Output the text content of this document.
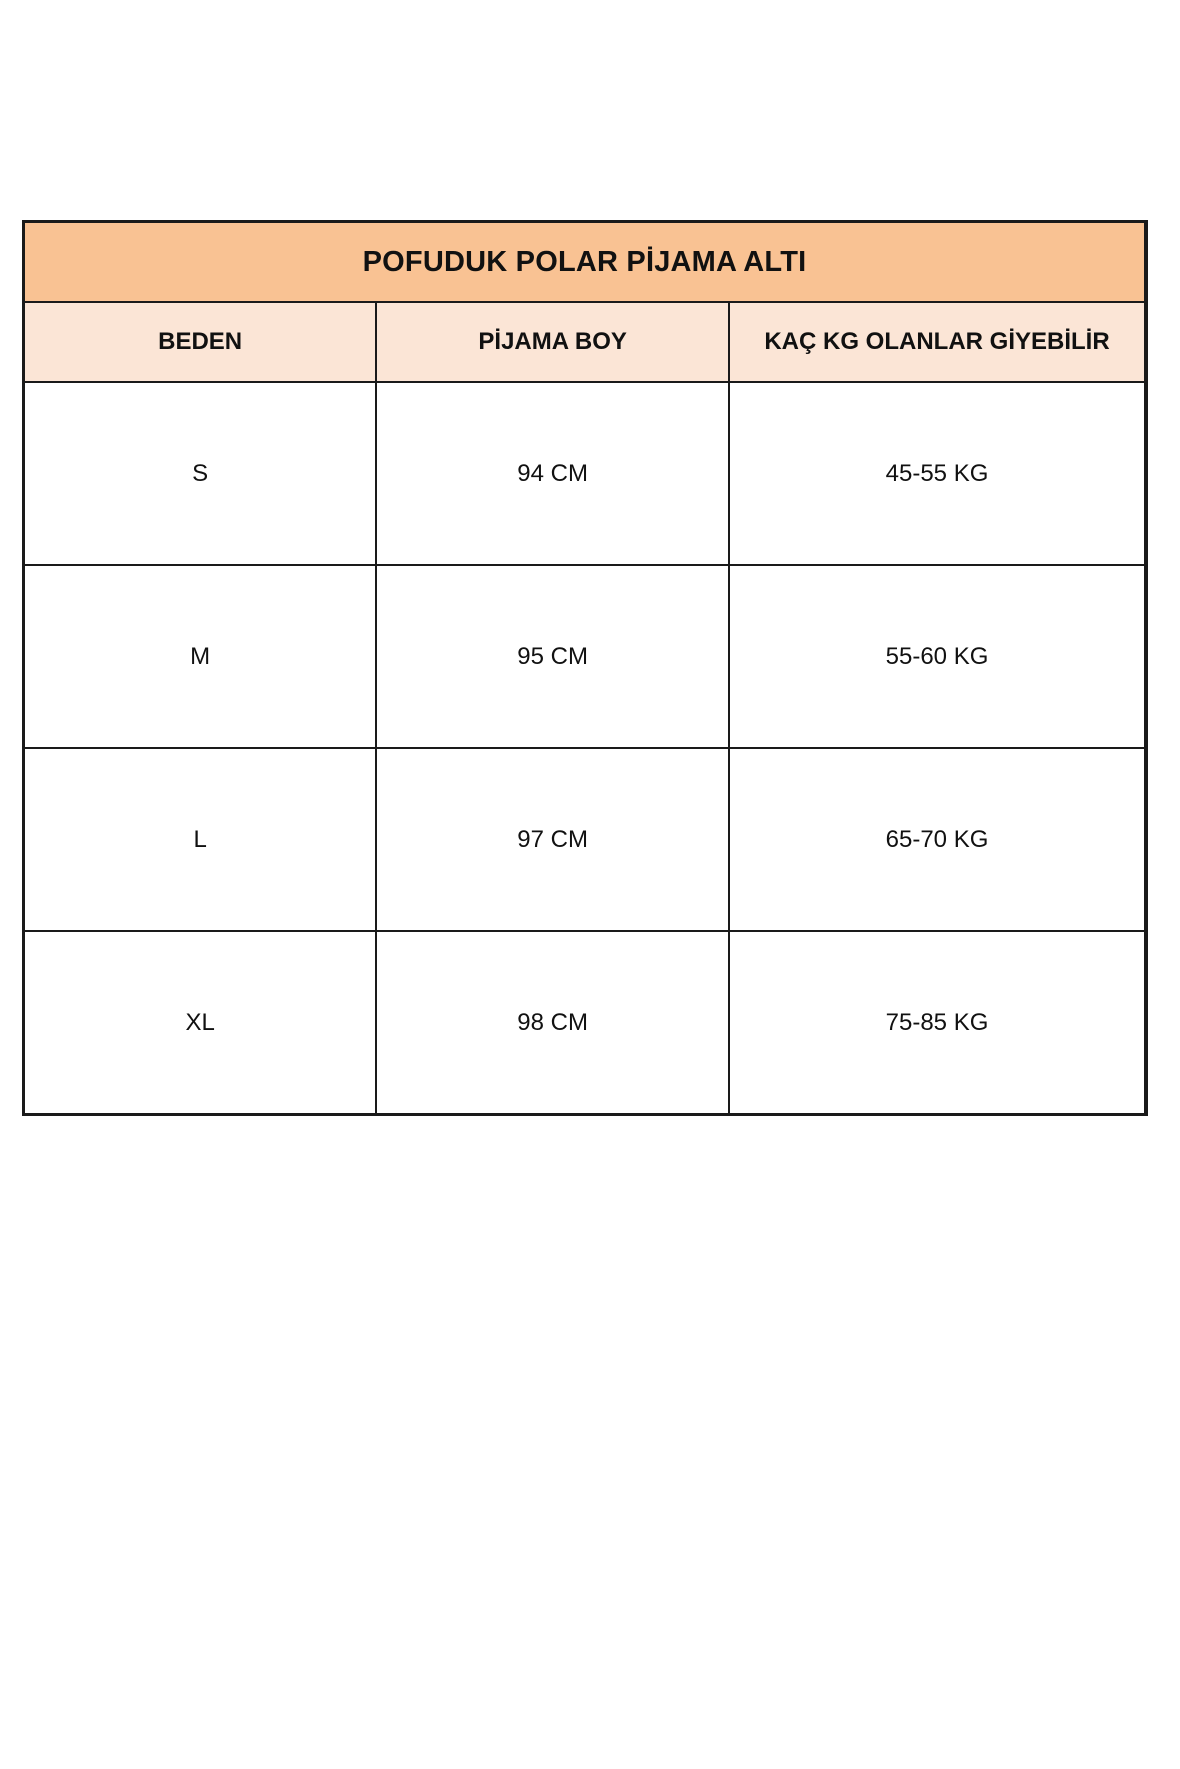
POFUDUK POLAR PİJAMA ALTI		
BEDEN	PİJAMA BOY	KAÇ KG OLANLAR GİYEBİLİR
S	94 CM	45-55 KG
M	95 CM	55-60 KG
L	97 CM	65-70 KG
XL	98 CM	75-85 KG
